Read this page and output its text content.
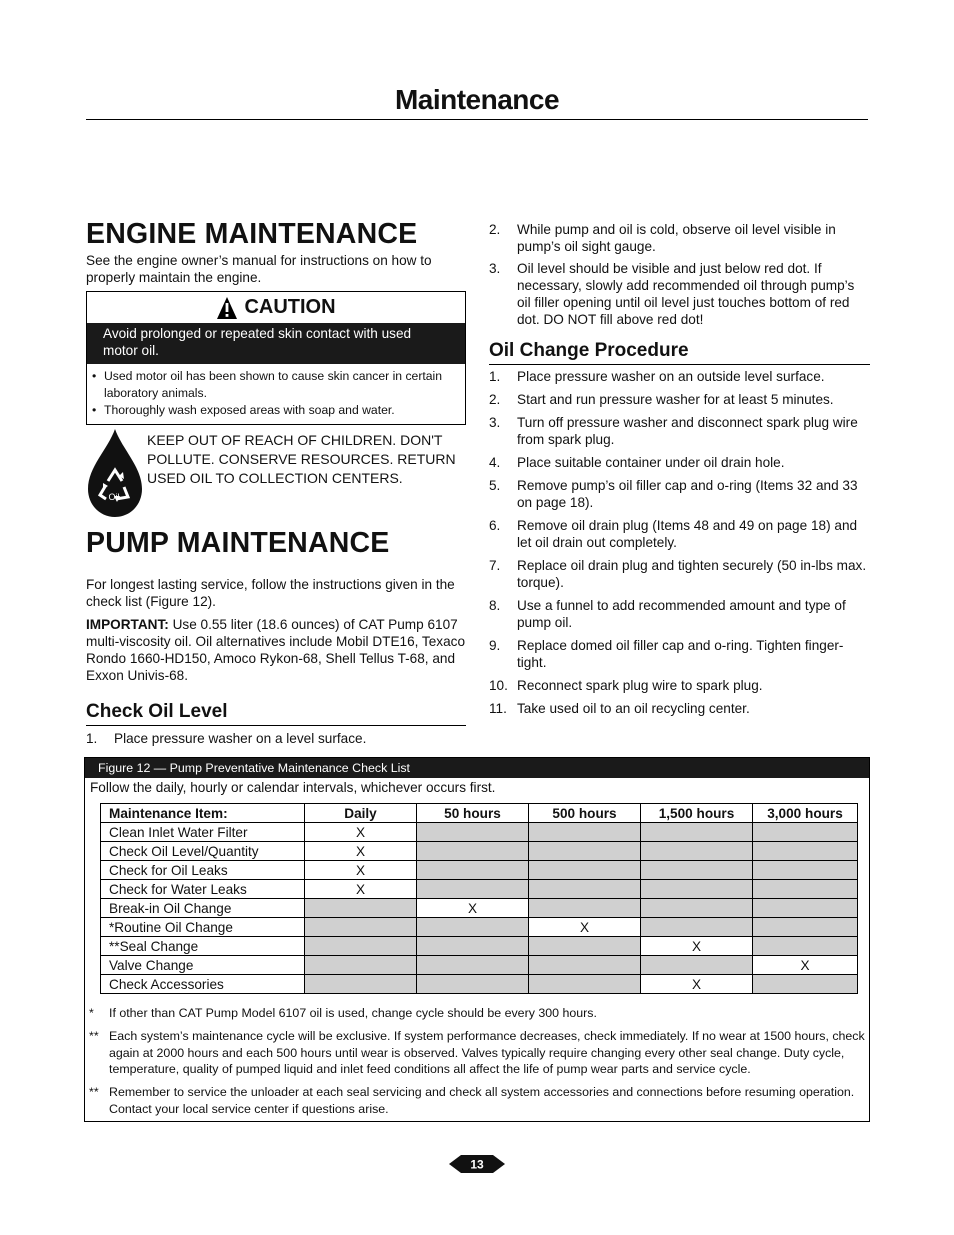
Maintenance
ENGINE MAINTENANCE

See the engine owner’s manual for instructions on how to properly maintain the engine.

CAUTION
Avoid prolonged or repeated skin contact with used motor oil.
• Used motor oil has been shown to cause skin cancer in certain laboratory animals.
• Thoroughly wash exposed areas with soap and water.
Oil
KEEP OUT OF REACH OF CHILDREN. DON'T POLLUTE. CONSERVE RESOURCES. RETURN USED OIL TO COLLECTION CENTERS.
PUMP MAINTENANCE

For longest lasting service, follow the instructions given in the check list (Figure 12).

IMPORTANT: Use 0.55 liter (18.6 ounces) of CAT Pump 6107 multi-viscosity oil. Oil alternatives include Mobil DTE16, Texaco Rondo 1660-HD150, Amoco Rykon-68, Shell Tellus T-68, and Exxon Univis-68.

Check Oil Level
1. Place pressure washer on a level surface.
2. While pump and oil is cold, observe oil level visible in pump’s oil sight gauge.
3. Oil level should be visible and just below red dot. If necessary, slowly add recommended oil through pump’s oil filler opening until oil level just touches bottom of red dot. DO NOT fill above red dot!
Oil Change Procedure
1. Place pressure washer on an outside level surface.
2. Start and run pressure washer for at least 5 minutes.
3. Turn off pressure washer and disconnect spark plug wire from spark plug.
4. Place suitable container under oil drain hole.
5. Remove pump’s oil filler cap and o-ring (Items 32 and 33 on page 18).
6. Remove oil drain plug (Items 48 and 49 on page 18) and let oil drain out completely.
7. Replace oil drain plug and tighten securely (50 in-lbs max. torque).
8. Use a funnel to add recommended amount and type of pump oil.
9. Replace domed oil filler cap and o-ring. Tighten finger-tight.
10. Reconnect spark plug wire to spark plug.
11. Take used oil to an oil recycling center.
Figure 12 — Pump Preventative Maintenance Check List
Follow the daily, hourly or calendar intervals, whichever occurs first.
Maintenance Item:	Daily	50 hours	500 hours	1,500 hours	3,000 hours
Clean Inlet Water Filter	X				
Check Oil Level/Quantity	X				
Check for Oil Leaks	X				
Check for Water Leaks	X				
Break-in Oil Change		X			
*Routine Oil Change			X		
**Seal Change				X	
Valve Change					X
Check Accessories				X	
* If other than CAT Pump Model 6107 oil is used, change cycle should be every 300 hours.
** Each system’s maintenance cycle will be exclusive. If system performance decreases, check immediately. If no wear at 1500 hours, check again at 2000 hours and each 500 hours until wear is observed. Valves typically require changing every other seal change. Duty cycle, temperature, quality of pumped liquid and inlet feed conditions all affect the life of pump wear parts and service cycle.
** Remember to service the unloader at each seal servicing and check all system accessories and connections before resuming operation. Contact your local service center if questions arise.
13
